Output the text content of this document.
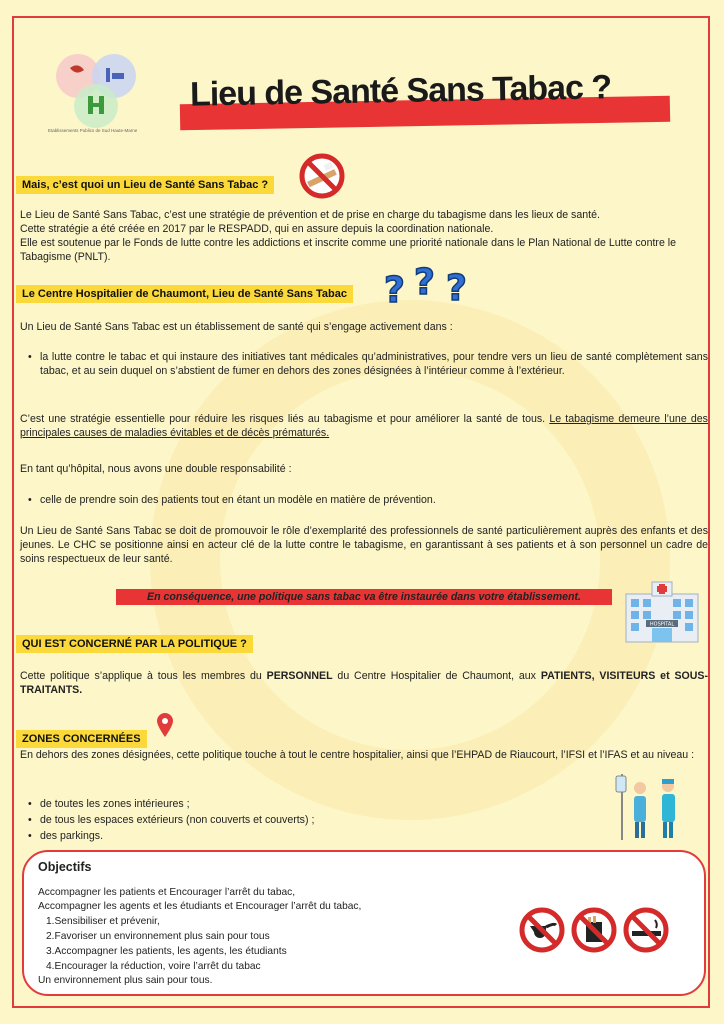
Etablissements Publics de Sud Haute-Marne
Lieu de Santé Sans Tabac ?
Mais, c’est quoi un Lieu de Santé Sans Tabac ?
Le Lieu de Santé Sans Tabac, c’est une stratégie de prévention et de prise en charge du tabagisme dans les lieux de santé.
Cette stratégie a été créée en 2017 par le RESPADD, qui en assure depuis la coordination nationale.
Elle est soutenue par le Fonds de lutte contre les addictions et inscrite comme une priorité nationale dans le Plan National de Lutte contre le Tabagisme (PNLT).
Le Centre Hospitalier de Chaumont, Lieu de Santé Sans Tabac ? ? ?
Un Lieu de Santé Sans Tabac est un établissement de santé qui s’engage activement dans :
• la lutte contre le tabac et qui instaure des initiatives tant médicales qu’administratives, pour tendre vers un lieu de santé complètement sans tabac, et au sein duquel on s’abstient de fumer en dehors des zones désignées à l’intérieur comme à l’extérieur.
C’est une stratégie essentielle pour réduire les risques liés au tabagisme et pour améliorer la santé de tous. Le tabagisme demeure l’une des principales causes de maladies évitables et de décès prématurés.
En tant qu’hôpital, nous avons une double responsabilité :
• celle de prendre soin des patients tout en étant un modèle en matière de prévention.
Un Lieu de Santé Sans Tabac se doit de promouvoir le rôle d’exemplarité des professionnels de santé particulièrement auprès des enfants et des jeunes. Le CHC se positionne ainsi en acteur clé de la lutte contre le tabagisme, en garantissant à ses patients et à son personnel un cadre de soins respectueux de leur santé.
En conséquence, une politique sans tabac va être instaurée dans votre établissement.
HOSPITAL
QUI EST CONCERNÉ PAR LA POLITIQUE ?
Cette politique s’applique à tous les membres du PERSONNEL du Centre Hospitalier de Chaumont, aux PATIENTS, VISITEURS et SOUS-TRAITANTS.
ZONES CONCERNÉES
En dehors des zones désignées, cette politique touche à tout le centre hospitalier, ainsi que l’EHPAD de Riaucourt, l’IFSI et l’IFAS et au niveau :
• de toutes les zones intérieures ;
• de tous les espaces extérieurs (non couverts et couverts) ;
• des parkings.
Objectifs
Accompagner les patients et Encourager l’arrêt du tabac,
Accompagner les agents et les étudiants et Encourager l’arrêt du tabac,
1.Sensibiliser et prévenir,
2.Favoriser un environnement plus sain pour tous
3.Accompagner les patients, les agents, les étudiants
4.Encourager la réduction, voire l’arrêt du tabac
Un environnement plus sain pour tous.
